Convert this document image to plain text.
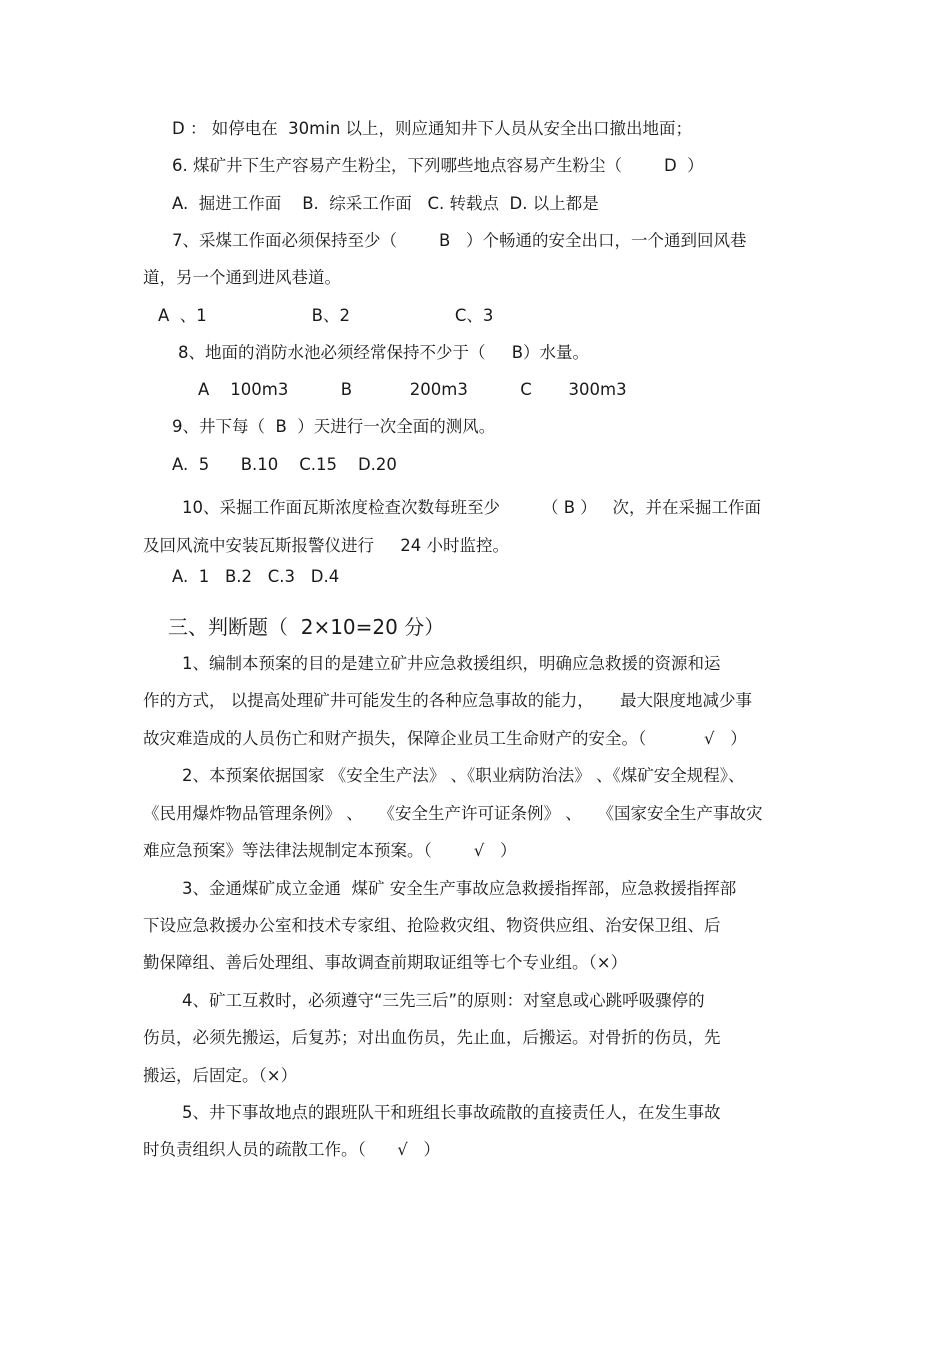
D ： 如停电在  30min 以上，则应通知井下人员从安全出口撤出地面；
6. 煤矿井下生产容易产生粉尘，下列哪些地点容易产生粉尘（        D  ）
A.  掘进工作面    B.  综采工作面   C. 转载点  D. 以上都是
7、采煤工作面必须保持至少（        B   ）个畅通的安全出口，一个通到回风巷
道，另一个通到进风巷道。
A  、1                    B、2                    C、3
8、地面的消防水池必须经常保持不少于（     B）水量。
A    100m3          B           200m3          C       300m3
9、井下每（  B  ）天进行一次全面的测风。
A.  5      B.10    C.15    D.20
10、采掘工作面瓦斯浓度检查次数每班至少        （ B ）   次，并在采掘工作面
及回风流中安装瓦斯报警仪进行     24 小时监控。
A.  1   B.2   C.3   D.4
三、判断题（  2×10=20 分）
1、编制本预案的目的是建立矿井应急救援组织，明确应急救援的资源和运
作的方式， 以提高处理矿井可能发生的各种应急事故的能力，     最大限度地减少事
故灾难造成的人员伤亡和财产损失，保障企业员工生命财产的安全。（           √   ）
2、本预案依据国家 《安全生产法》 、《职业病防治法》 、《煤矿安全规程》、
《民用爆炸物品管理条例》 、   《安全生产许可证条例》 、   《国家安全生产事故灾
难应急预案》等法律法规制定本预案。（        √   ）
3、金通煤矿成立金通  煤矿 安全生产事故应急救援指挥部，应急救援指挥部
下设应急救援办公室和技术专家组、抢险救灾组、物资供应组、治安保卫组、后
勤保障组、善后处理组、事故调查前期取证组等七个专业组。（×）
4、矿工互救时，必须遵守“三先三后”的原则：对窒息或心跳呼吸骤停的
伤员，必须先搬运，后复苏；对出血伤员，先止血，后搬运。对骨折的伤员，先
搬运，后固定。（×）
5、井下事故地点的跟班队干和班组长事故疏散的直接责任人，在发生事故
时负责组织人员的疏散工作。（      √   ）
